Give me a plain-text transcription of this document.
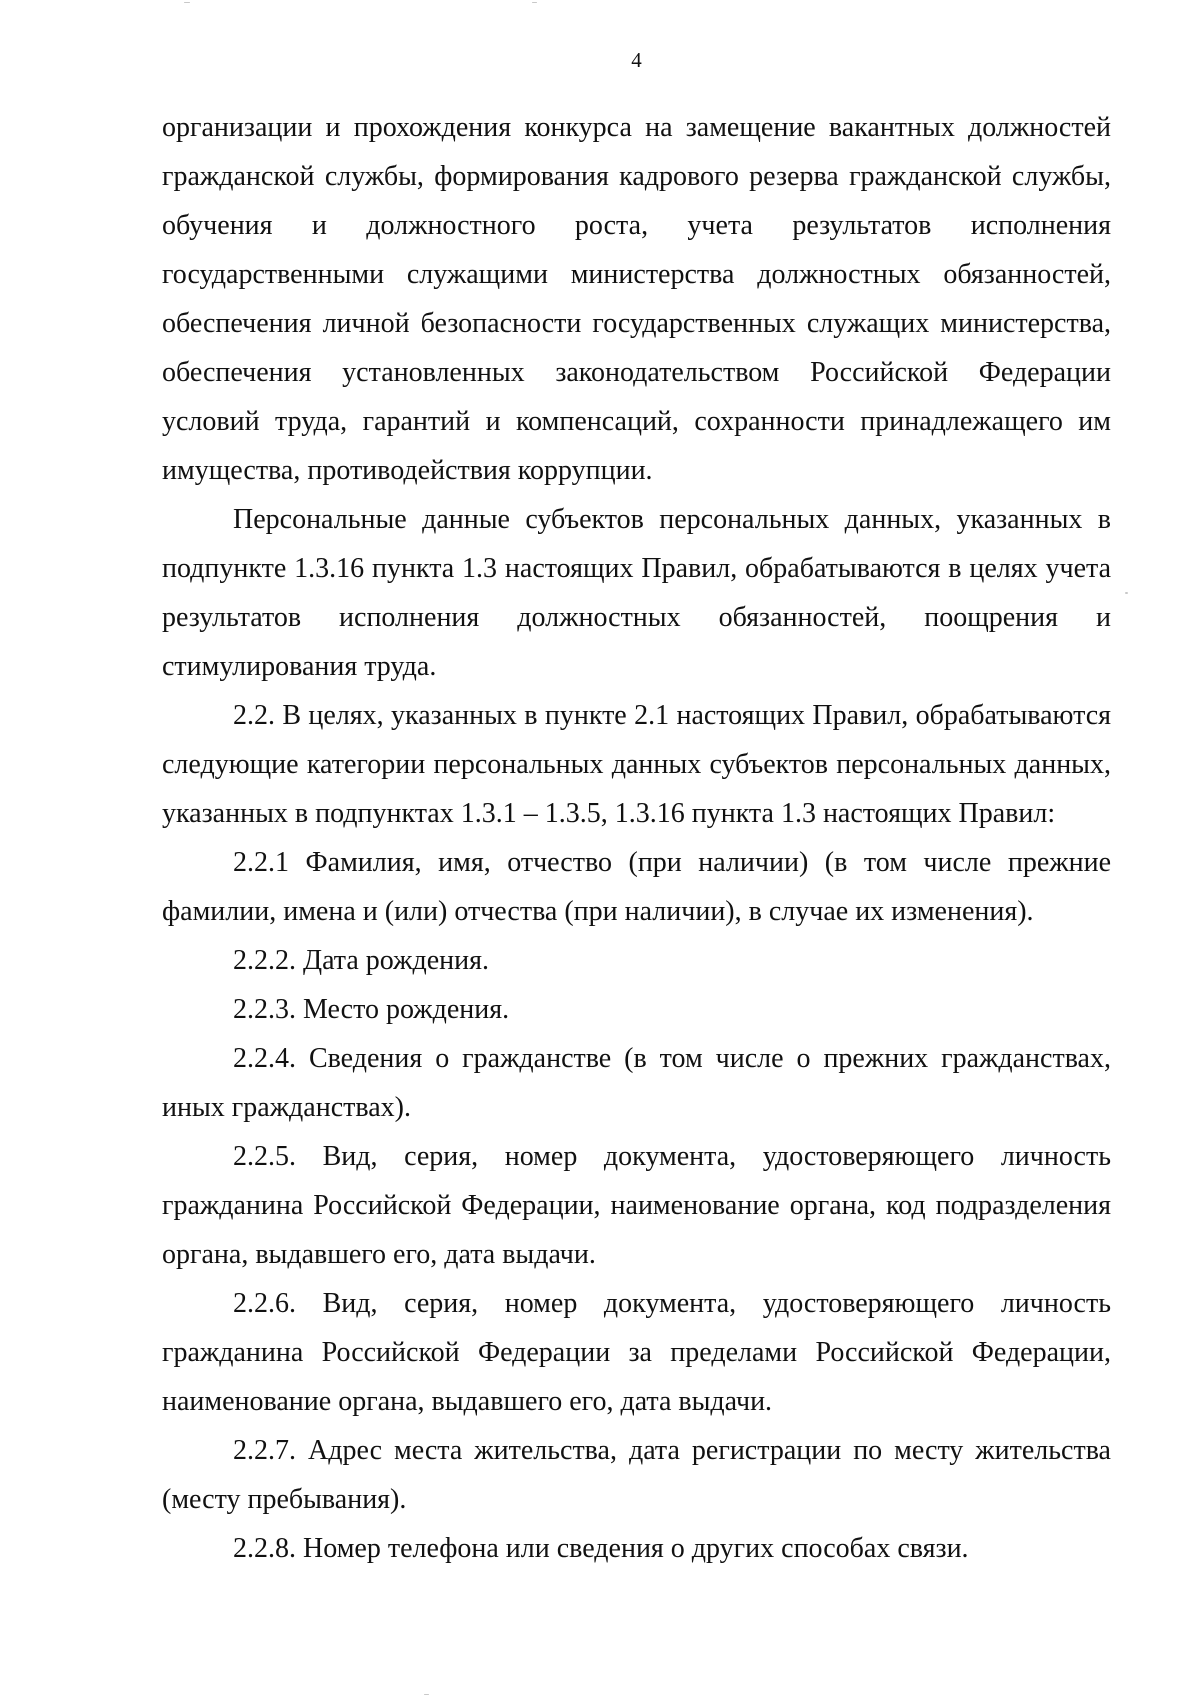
4

организации и прохождения конкурса на замещение вакантных должностей гражданской службы, формирования кадрового резерва гражданской службы, обучения и должностного роста, учета результатов исполнения государственными служащими министерства должностных обязанностей, обеспечения личной безопасности государственных служащих министерства, обеспечения установленных законодательством Российской Федерации условий труда, гарантий и компенсаций, сохранности принадлежащего им имущества, противодействия коррупции.

Персональные данные субъектов персональных данных, указанных в подпункте 1.3.16 пункта 1.3 настоящих Правил, обрабатываются в целях учета результатов исполнения должностных обязанностей, поощрения и стимулирования труда.

2.2. В целях, указанных в пункте 2.1 настоящих Правил, обрабатываются следующие категории персональных данных субъектов персональных данных, указанных в подпунктах 1.3.1 – 1.3.5, 1.3.16 пункта 1.3 настоящих Правил:

2.2.1 Фамилия, имя, отчество (при наличии) (в том числе прежние фамилии, имена и (или) отчества (при наличии), в случае их изменения).

2.2.2. Дата рождения.

2.2.3. Место рождения.

2.2.4. Сведения о гражданстве (в том числе о прежних гражданствах, иных гражданствах).

2.2.5. Вид, серия, номер документа, удостоверяющего личность гражданина Российской Федерации, наименование органа, код подразделения органа, выдавшего его, дата выдачи.

2.2.6. Вид, серия, номер документа, удостоверяющего личность гражданина Российской Федерации за пределами Российской Федерации, наименование органа, выдавшего его, дата выдачи.

2.2.7. Адрес места жительства, дата регистрации по месту жительства (месту пребывания).

2.2.8. Номер телефона или сведения о других способах связи.
